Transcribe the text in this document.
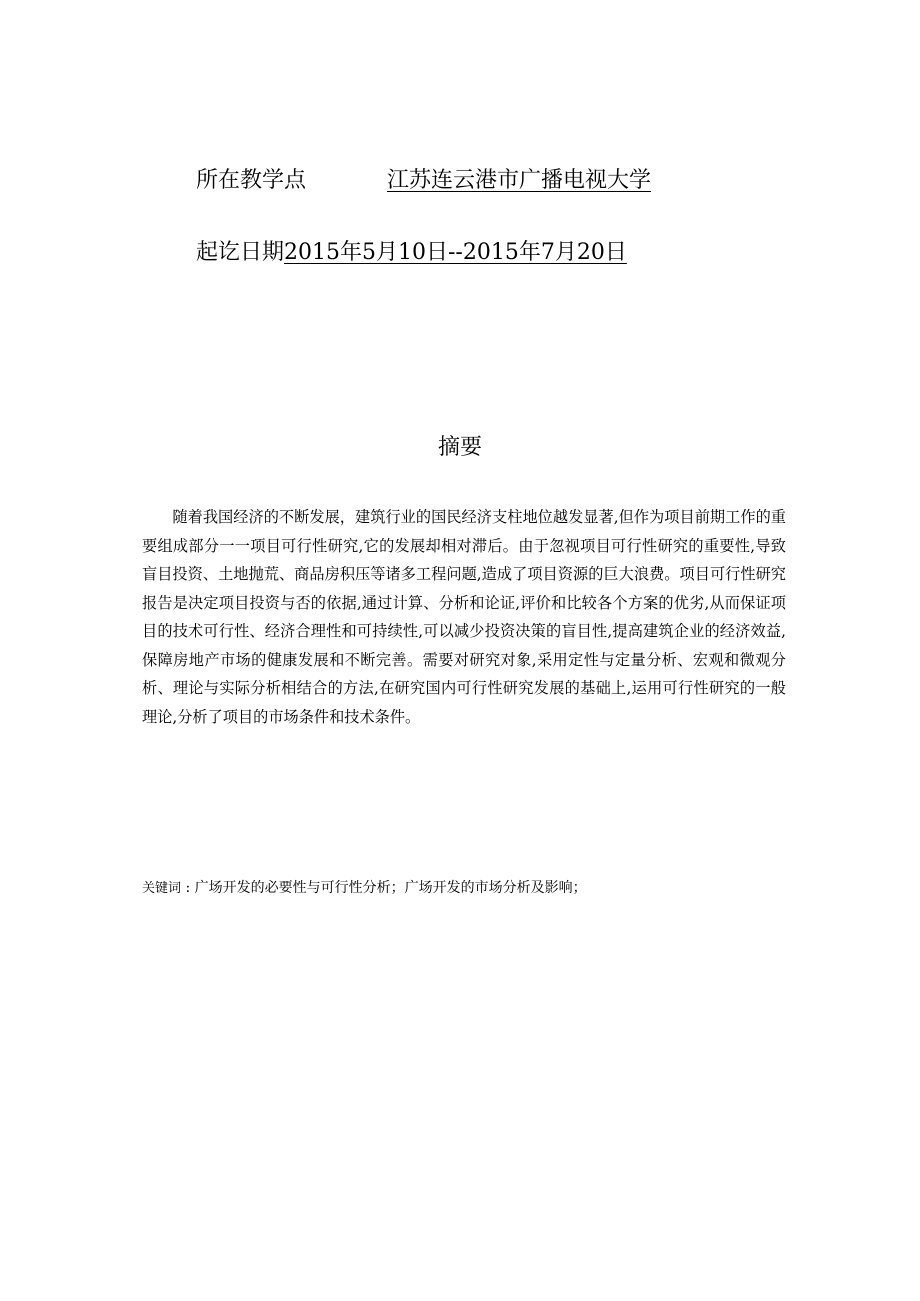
所在教学点	江苏连云港市广播电视大学
起讫日期2015年5月10日--2015年7月20日
摘要

随着我国经济的不断发展，建筑行业的国民经济支柱地位越发显著,但作为项目前期工作的重要组成部分一一项目可行性研究,它的发展却相对滞后。由于忽视项目可行性研究的重要性,导致盲目投资、土地抛荒、商品房积压等诸多工程问题,造成了项目资源的巨大浪费。项目可行性研究报告是决定项目投资与否的依据,通过计算、分析和论证,评价和比较各个方案的优劣,从而保证项目的技术可行性、经济合理性和可持续性,可以减少投资决策的盲目性,提高建筑企业的经济效益,保障房地产市场的健康发展和不断完善。需要对研究对象,采用定性与定量分析、宏观和微观分析、理论与实际分析相结合的方法,在研究国内可行性研究发展的基础上,运用可行性研究的一般理论,分析了项目的市场条件和技术条件。

关键词 : 广场开发的必要性与可行性分析；广场开发的市场分析及影响；
